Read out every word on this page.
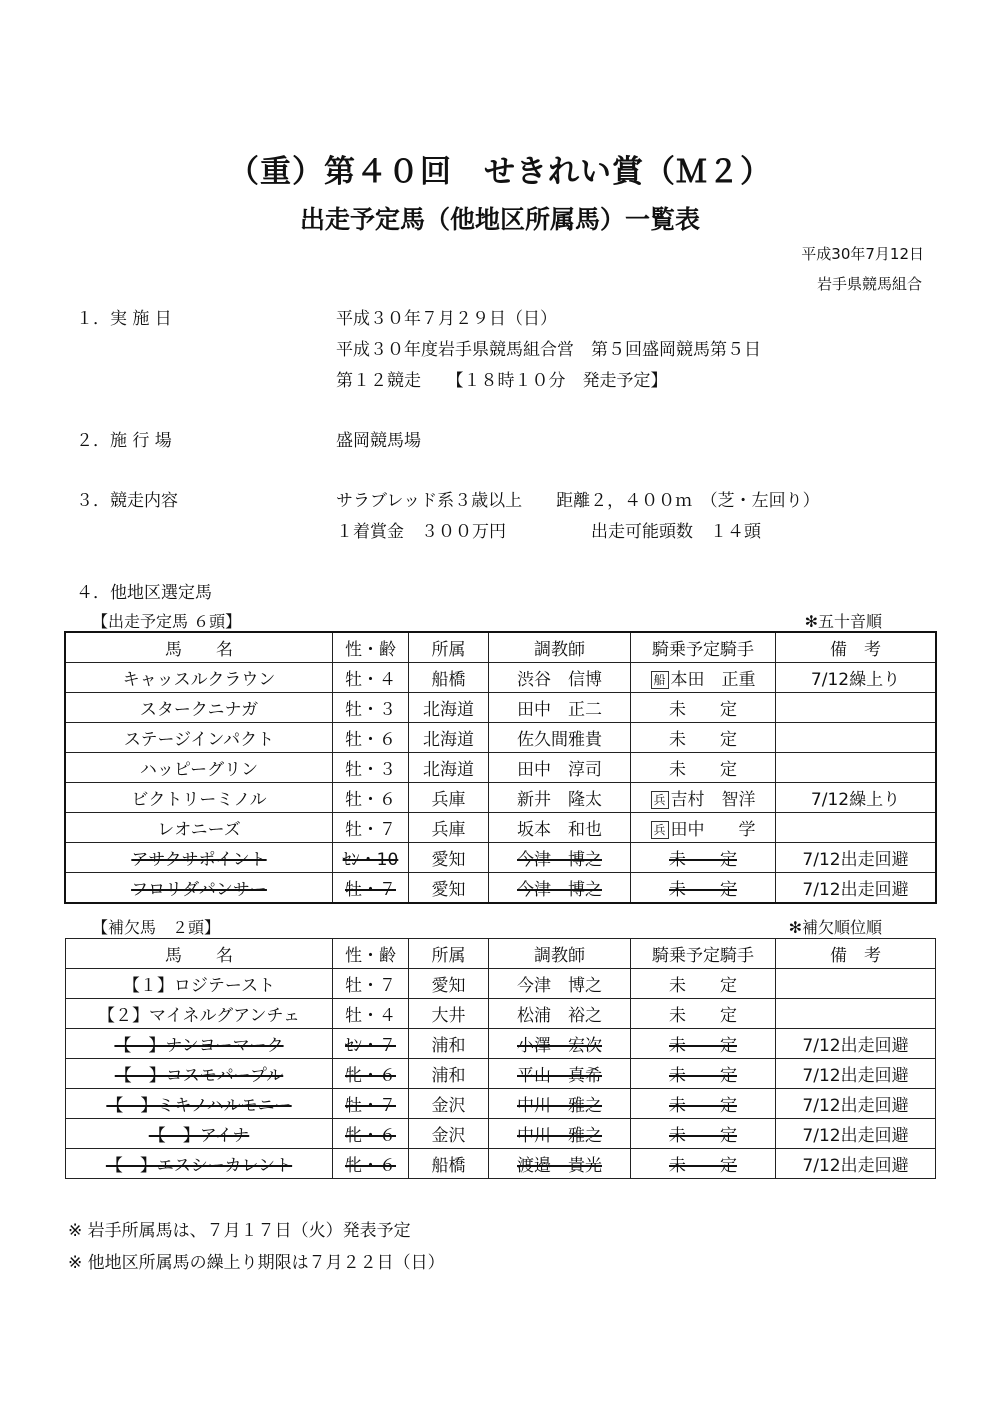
（重）第４０回　せきれい賞（Ｍ２）
出走予定馬（他地区所属馬）一覧表
平成30年7月12日
岩手県競馬組合
１．実 施 日	平成３０年７月２９日（日）
平成３０年度岩手県競馬組合営　第５回盛岡競馬第５日
第１２競走　　【１８時１０分　発走予定】
２．施 行 場	盛岡競馬場
３．競走内容	サラブレッド系３歳以上　　距離２，４００ｍ　（芝・左回り）
１着賞金　３００万円　　　　　出走可能頭数　１４頭
４．他地区選定馬
【出走予定馬 ６頭】	✻五十音順
馬　　名	性・齢	所属	調教師	騎乗予定騎手	備　考
キャッスルクラウン	牡・４	船橋	渋谷　信博	船 本田　正重	7/12繰上り
スタークニナガ	牡・３	北海道	田中　正二	未　　定	
ステージインパクト	牡・６	北海道	佐久間雅貴	未　　定	
ハッピーグリン	牡・３	北海道	田中　淳司	未　　定	
ビクトリーミノル	牡・６	兵庫	新井　隆太	兵 吉村　智洋	7/12繰上り
レオニーズ	牡・７	兵庫	坂本　和也	兵 田中　　学	
アサクサポイント	ｾﾝ・10	愛知	今津　博之	未　　定	7/12出走回避
フロリダパンサー	牡・７	愛知	今津　博之	未　　定	7/12出走回避
【補欠馬　２頭】	✻補欠順位順
馬　　名	性・齢	所属	調教師	騎乗予定騎手	備　考
【１】ロジテースト	牡・７	愛知	今津　博之	未　　定	
【２】マイネルグアンチェ	牡・４	大井	松浦　裕之	未　　定	
【　】ナンヨーマーク	ｾﾝ・７	浦和	小澤　宏次	未　　定	7/12出走回避
【　】コスモパープル	牝・６	浦和	平山　真希	未　　定	7/12出走回避
【　】ミキノハルモニー	牡・７	金沢	中川　雅之	未　　定	7/12出走回避
【　】アイナ	牝・６	金沢	中川　雅之	未　　定	7/12出走回避
【　】エスシーカレント	牝・６	船橋	渡邉　貴光	未　　定	7/12出走回避
※ 岩手所属馬は、７月１７日（火）発表予定
※ 他地区所属馬の繰上り期限は７月２２日（日）
